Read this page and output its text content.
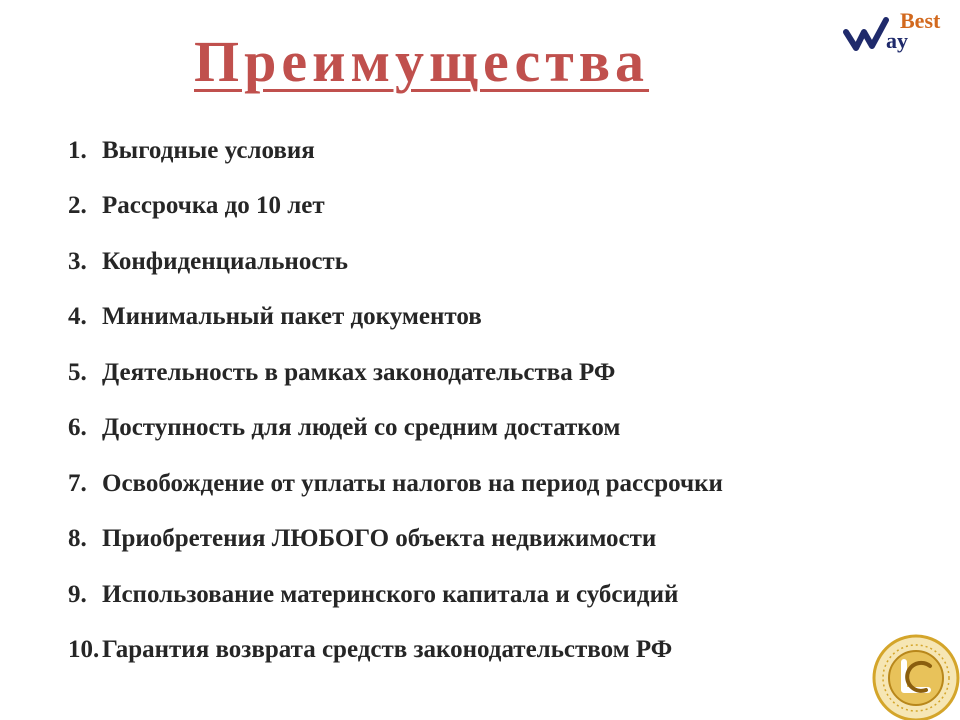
Преимущества
Best
ay
1. Выгодные условия
2. Рассрочка до 10 лет
3. Конфиденциальность
4. Минимальный пакет документов
5. Деятельность в рамках законодательства РФ
6. Доступность для людей со средним достатком
7. Освобождение от уплаты налогов на период рассрочки
8. Приобретения ЛЮБОГО объекта недвижимости
9. Использование материнского капитала и субсидий
10. Гарантия возврата средств законодательством РФ
